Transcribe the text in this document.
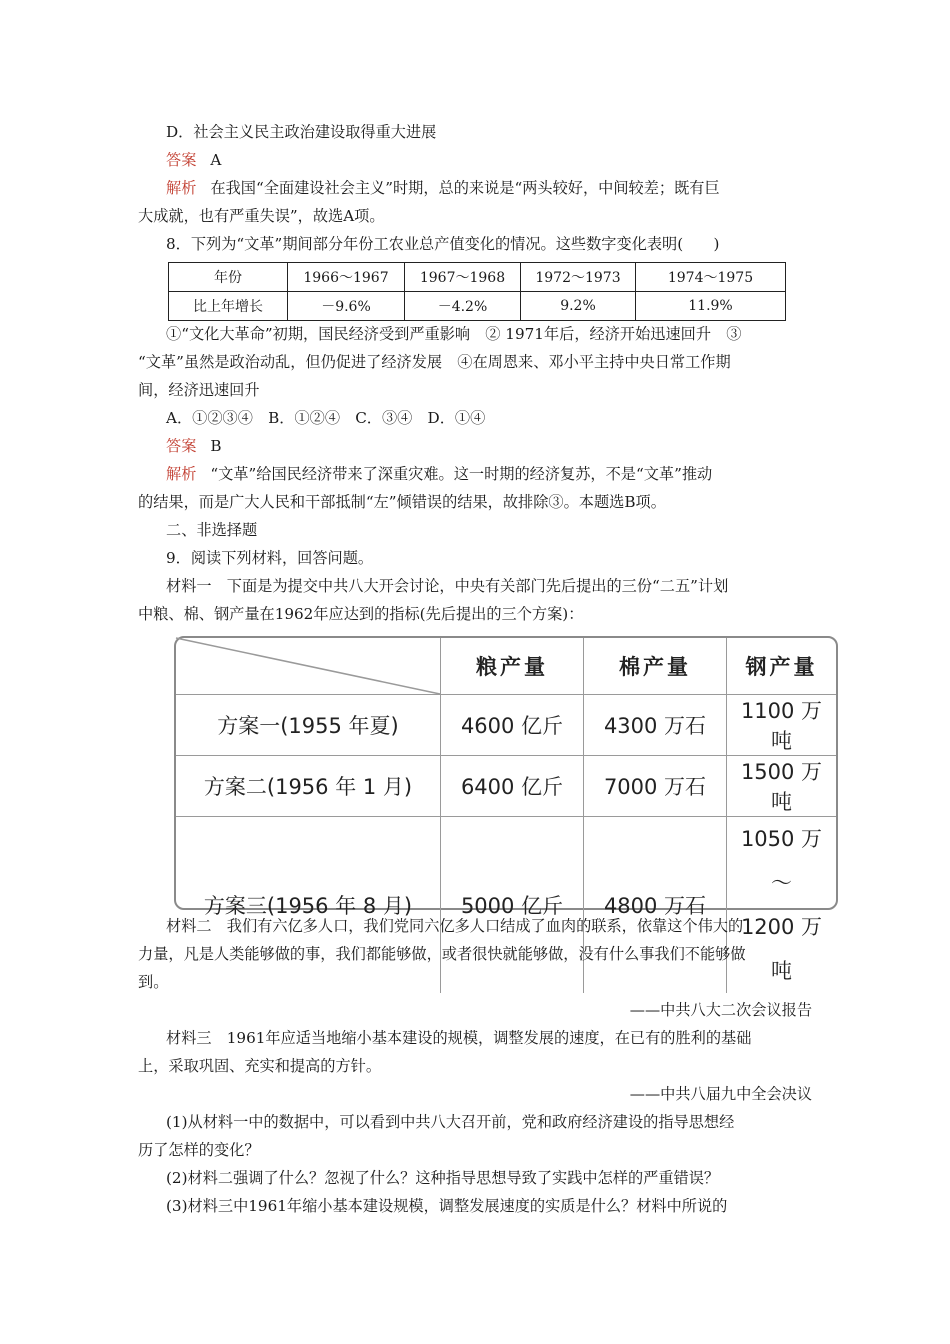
D．社会主义民主政治建设取得重大进展
答案 A
解析 在我国“全面建设社会主义”时期，总的来说是“两头较好，中间较差；既有巨
大成就，也有严重失误”，故选A项。
8．下列为“文革”期间部分年份工农业总产值变化的情况。这些数字变化表明(　　)
年份	1966～1967	1967～1968	1972～1973	1974～1975
比上年增长	－9.6%	－4.2%	9.2%	11.9%
①“文化大革命”初期，国民经济受到严重影响　② 1971年后，经济开始迅速回升　③
“文革”虽然是政治动乱，但仍促进了经济发展　④在周恩来、邓小平主持中央日常工作期
间，经济迅速回升
A．①②③④　B．①②④　C．③④　D．①④
答案 B
解析 “文革”给国民经济带来了深重灾难。这一时期的经济复苏，不是“文革”推动
的结果，而是广大人民和干部抵制“左”倾错误的结果，故排除③。本题选B项。
二、非选择题
9．阅读下列材料，回答问题。
材料一　下面是为提交中共八大开会讨论，中央有关部门先后提出的三份“二五”计划
中粮、棉、钢产量在1962年应达到的指标(先后提出的三个方案)：
	粮产量	棉产量	钢产量
方案一(1955 年夏)	4600 亿斤	4300 万石	1100 万吨
方案二(1956 年 1 月)	6400 亿斤	7000 万石	1500 万吨
方案三(1956 年 8 月)	5000 亿斤	4800 万石	1050 万～
1200 万吨
材料二　我们有六亿多人口，我们党同六亿多人口结成了血肉的联系，依靠这个伟大的
力量，凡是人类能够做的事，我们都能够做，或者很快就能够做，没有什么事我们不能够做
到。
——中共八大二次会议报告
材料三　1961年应适当地缩小基本建设的规模，调整发展的速度，在已有的胜利的基础
上，采取巩固、充实和提高的方针。
——中共八届九中全会决议
(1)从材料一中的数据中，可以看到中共八大召开前，党和政府经济建设的指导思想经
历了怎样的变化？
(2)材料二强调了什么？忽视了什么？这种指导思想导致了实践中怎样的严重错误？
(3)材料三中1961年缩小基本建设规模，调整发展速度的实质是什么？材料中所说的
